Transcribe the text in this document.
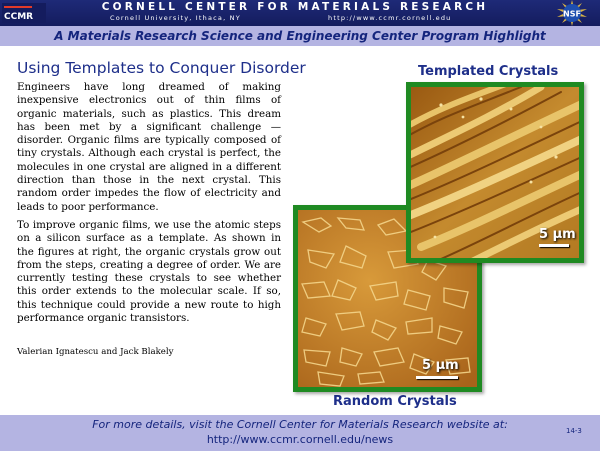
CCMR
CORNELL CENTER FOR MATERIALS RESEARCH
Cornell University, Ithaca, NY	http://www.ccmr.cornell.edu	NSF
A Materials Research Science and Engineering Center Program Highlight
Using Templates to Conquer Disorder

Engineers have long dreamed of making inexpensive electronics out of thin films of organic materials, such as plastics. This dream has been met by a significant challenge — disorder. Organic films are typically composed of tiny crystals. Although each crystal is perfect, the molecules in one crystal are aligned in a different direction than those in the next crystal. This random order impedes the flow of electricity and leads to poor performance.

To improve organic films, we use the atomic steps on a silicon surface as a template. As shown in the figures at right, the organic crystals grow out from the steps, creating a degree of order. We are currently testing these crystals to see whether this order extends to the molecular scale. If so, this technique could provide a new route to high performance organic transistors.

Valerian Ignatescu and Jack Blakely
Templated Crystals
Random Crystals
5 µm
5 µm
For more details, visit the Cornell Center for Materials Research website at:
http://www.ccmr.cornell.edu/news
14-3
